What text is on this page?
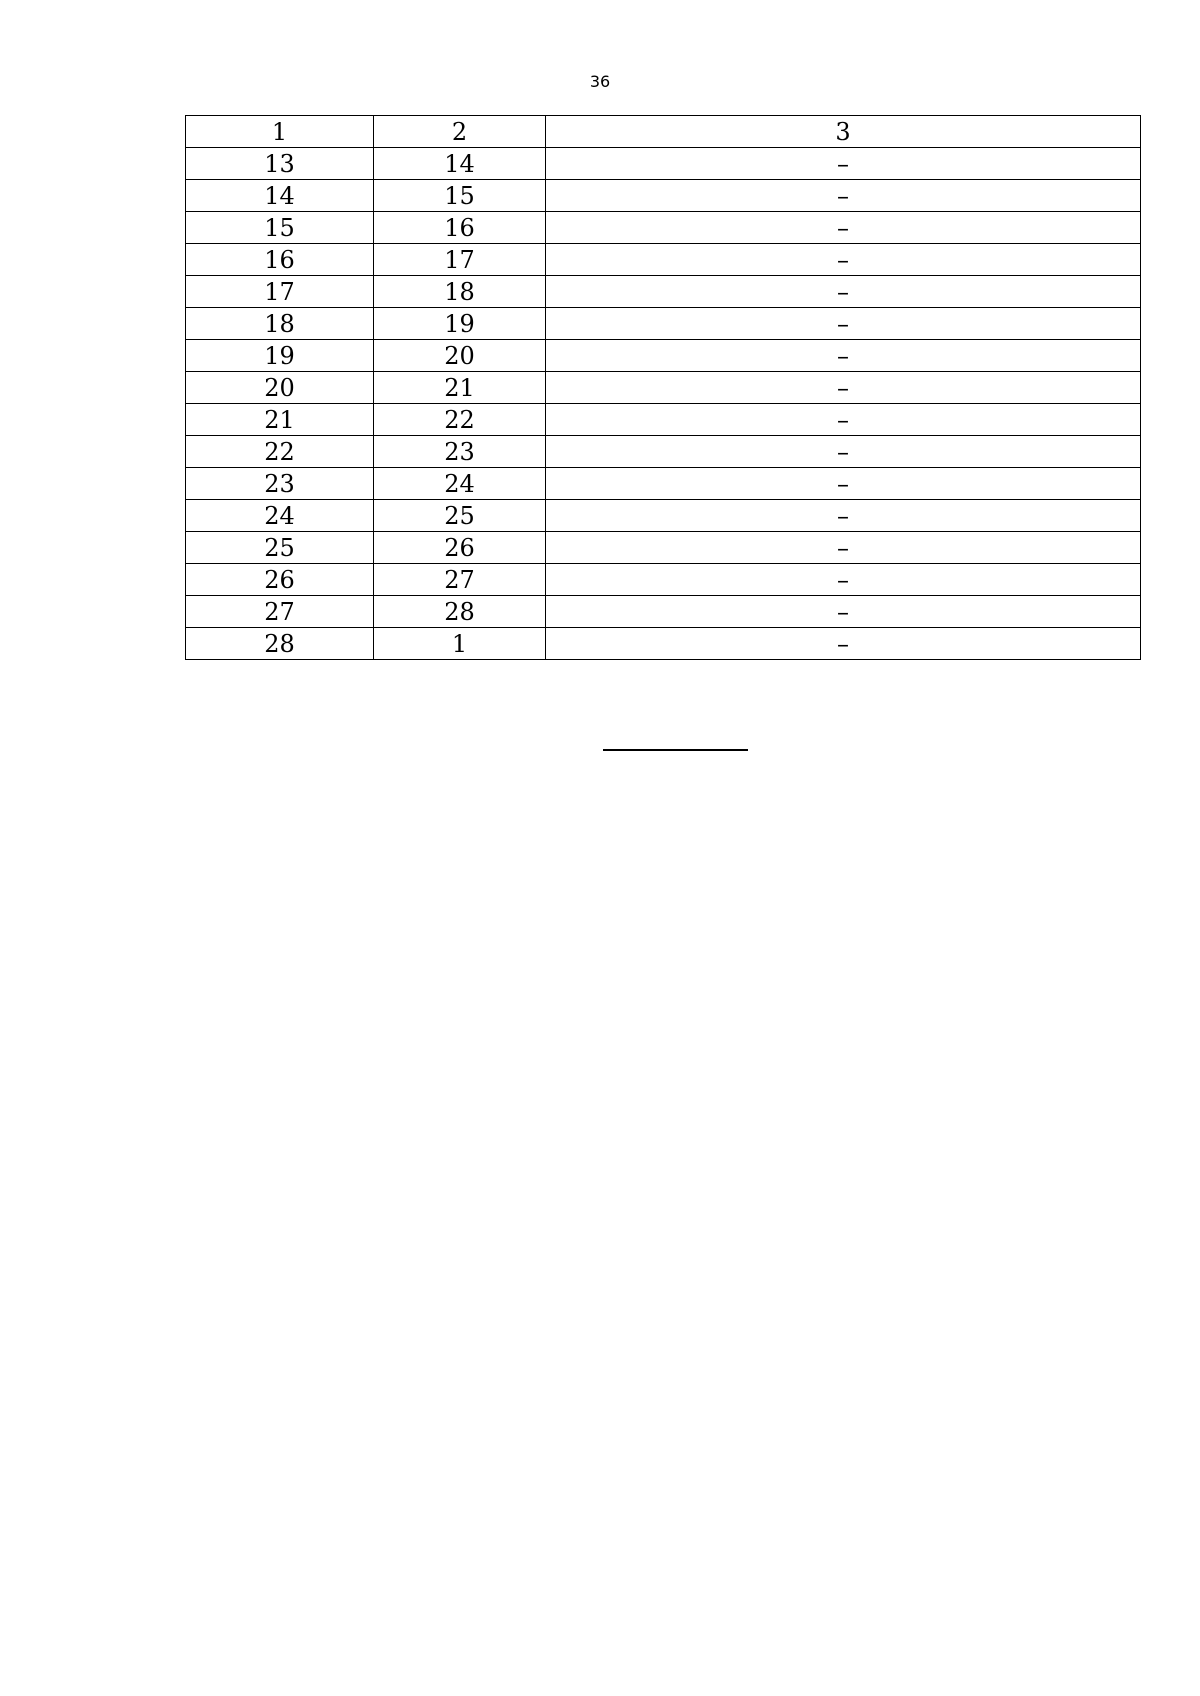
36
1	2	3
13	14	–
14	15	–
15	16	–
16	17	–
17	18	–
18	19	–
19	20	–
20	21	–
21	22	–
22	23	–
23	24	–
24	25	–
25	26	–
26	27	–
27	28	–
28	1	–
